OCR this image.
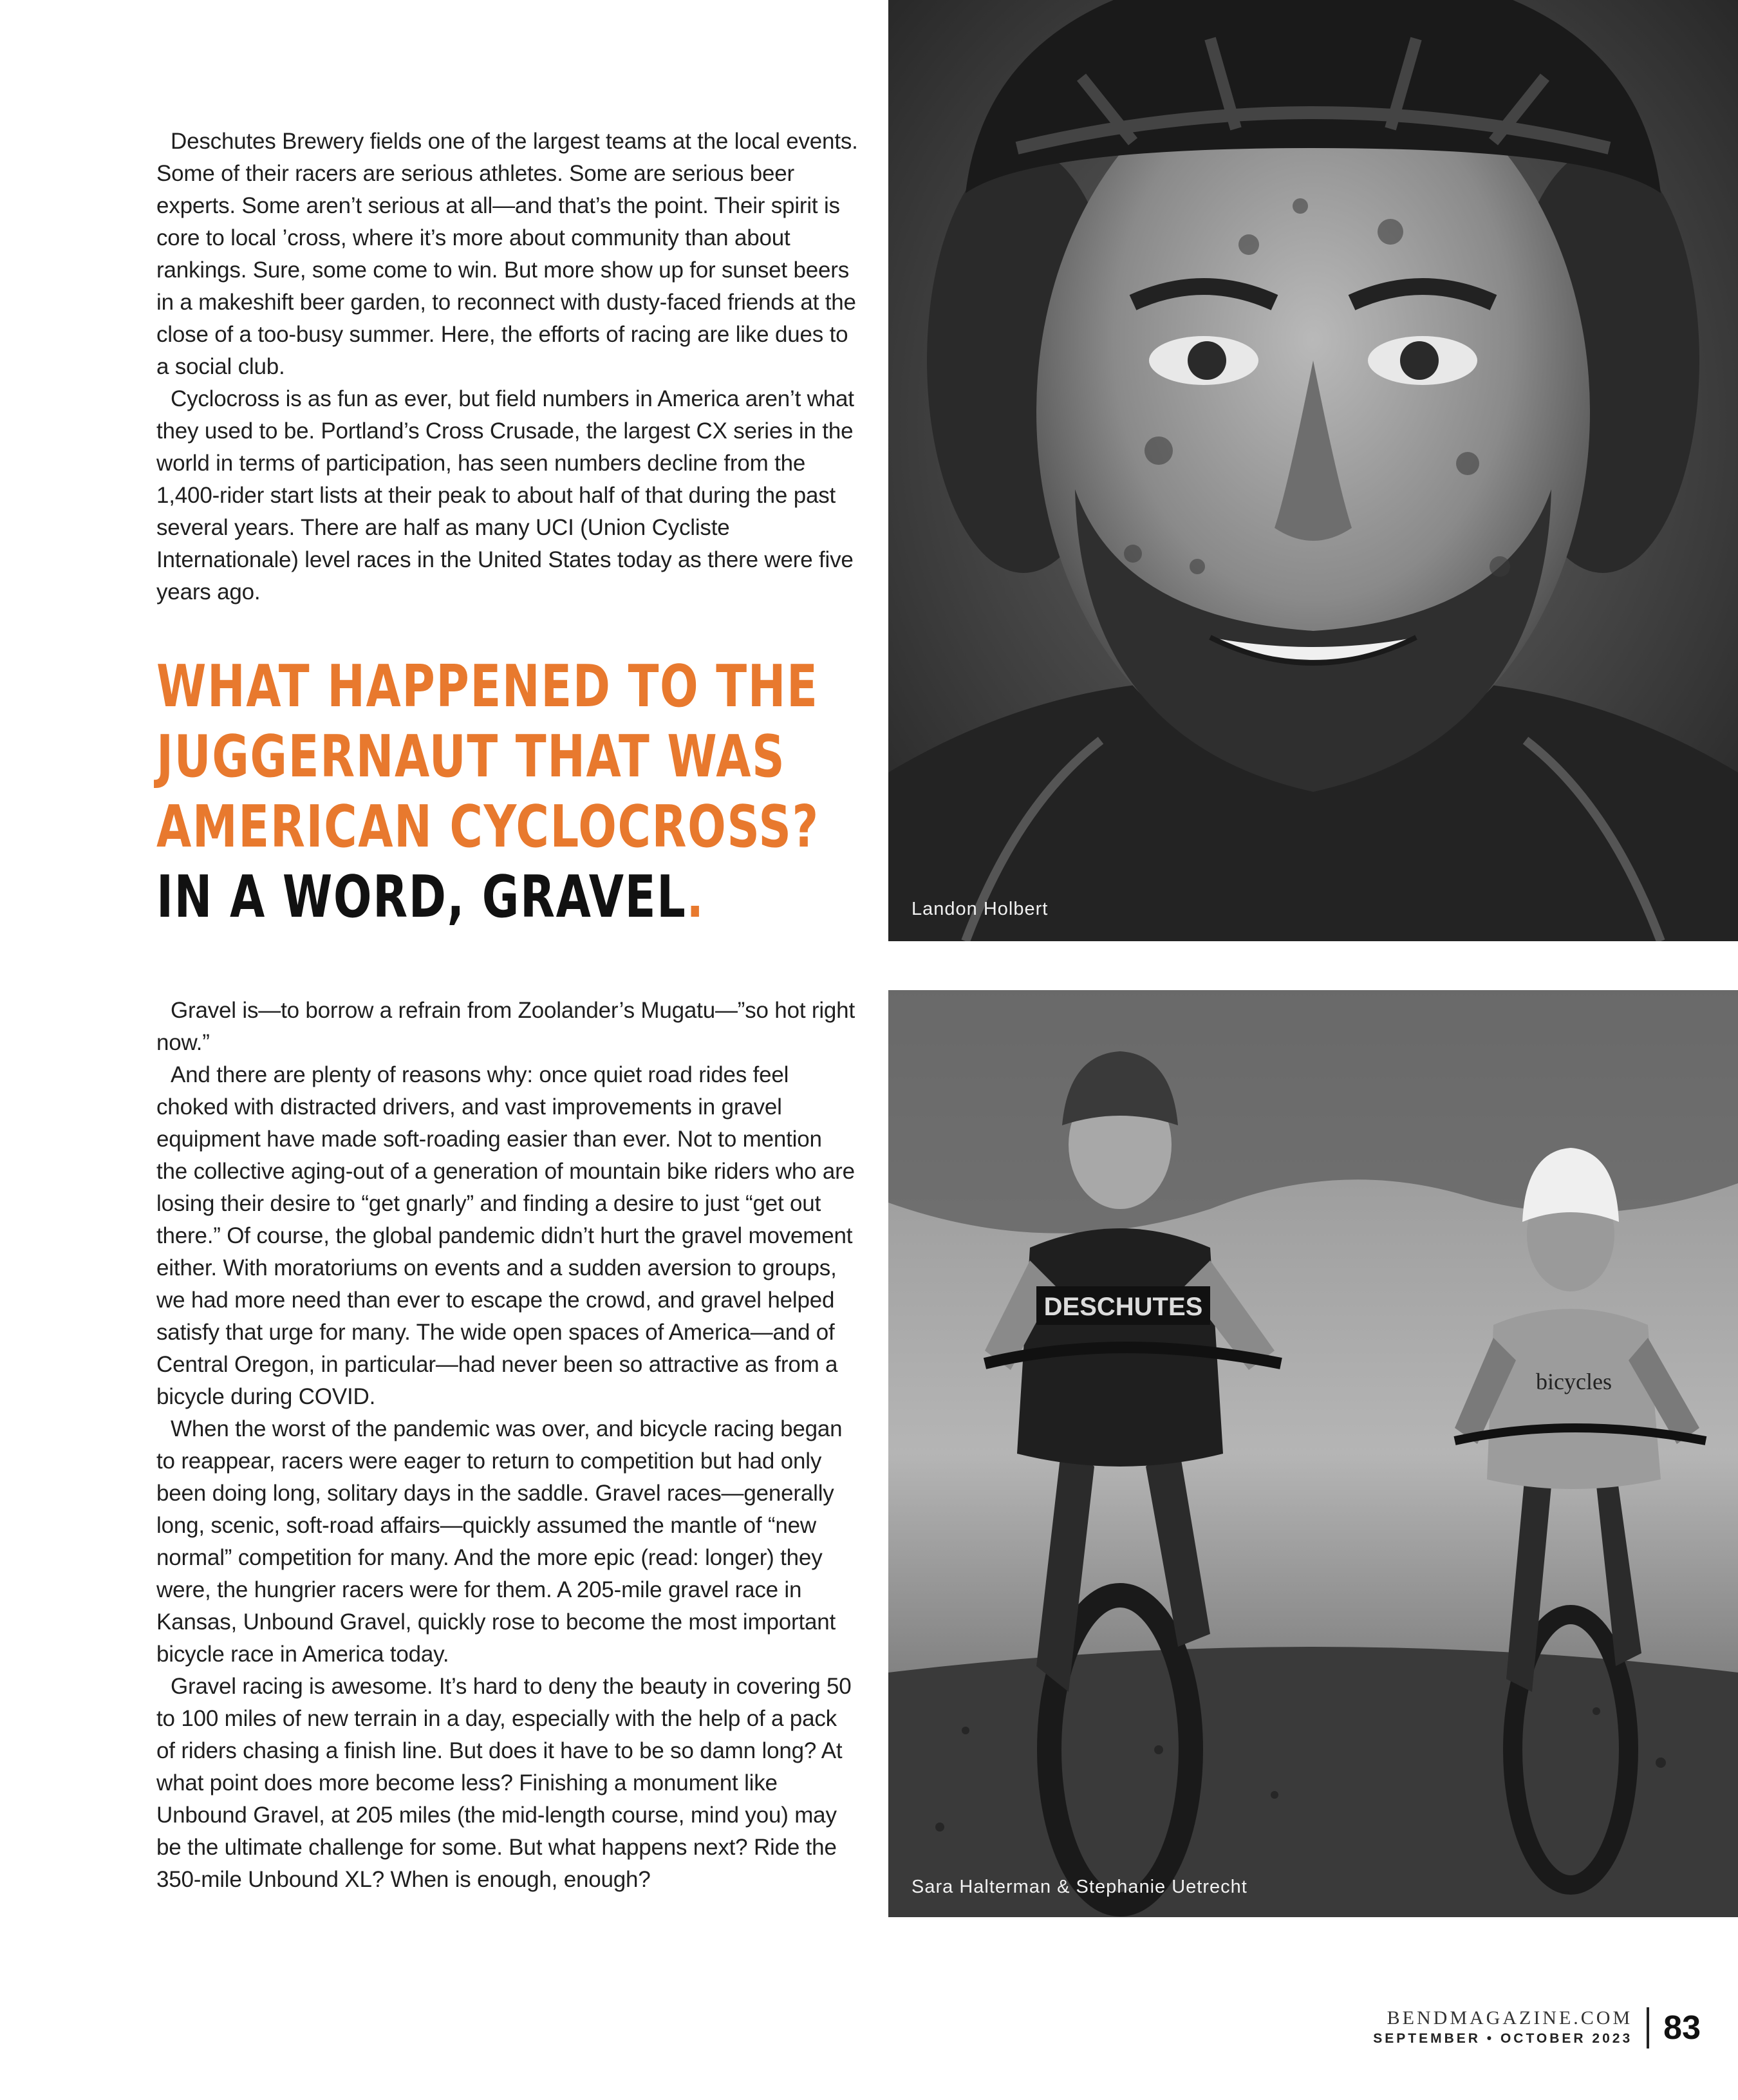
Deschutes Brewery fields one of the largest teams at the local events. Some of their racers are serious athletes. Some are serious beer experts. Some aren’t serious at all—and that’s the point. Their spirit is core to local ’cross, where it’s more about community than about rankings. Sure, some come to win. But more show up for sunset beers in a makeshift beer garden, to reconnect with dusty-faced friends at the close of a too-busy summer. Here, the efforts of racing are like dues to a social club.

Cyclocross is as fun as ever, but field numbers in America aren’t what they used to be. Portland’s Cross Crusade, the largest CX series in the world in terms of participation, has seen numbers decline from the 1,400-rider start lists at their peak to about half of that during the past several years. There are half as many UCI (Union Cycliste Internationale) level races in the United States today as there were five years ago.

WHAT HAPPENED TO THE
JUGGERNAUT THAT WAS
AMERICAN CYCLOCROSS?
IN A WORD, GRAVEL.

Gravel is—to borrow a refrain from Zoolander’s Mugatu—”so hot right now.”

And there are plenty of reasons why: once quiet road rides feel choked with distracted drivers, and vast improvements in gravel equipment have made soft-roading easier than ever. Not to mention the collective aging-out of a generation of mountain bike riders who are losing their desire to “get gnarly” and finding a desire to just “get out there.” Of course, the global pandemic didn’t hurt the gravel movement either. With moratoriums on events and a sudden aversion to groups, we had more need than ever to escape the crowd, and gravel helped satisfy that urge for many. The wide open spaces of America—and of Central Oregon, in particular—had never been so attractive as from a bicycle during COVID.

When the worst of the pandemic was over, and bicycle racing began to reappear, racers were eager to return to competition but had only been doing long, solitary days in the saddle. Gravel races—generally long, scenic, soft-road affairs—quickly assumed the mantle of “new normal” competition for many. And the more epic (read: longer) they were, the hungrier racers were for them. A 205-mile gravel race in Kansas, Unbound Gravel, quickly rose to become the most important bicycle race in America today.

Gravel racing is awesome. It’s hard to deny the beauty in covering 50 to 100 miles of new terrain in a day, especially with the help of a pack of riders chasing a finish line. But does it have to be so damn long? At what point does more become less? Finishing a monument like Unbound Gravel, at 205 miles (the mid-length course, mind you) may be the ultimate challenge for some. But what happens next? Ride the 350-mile Unbound XL? When is enough, enough?

Landon Holbert
DESCHUTES
bicycles
Sara Halterman & Stephanie Uetrecht
BENDMAGAZINE.COM
SEPTEMBER • OCTOBER 2023 83
